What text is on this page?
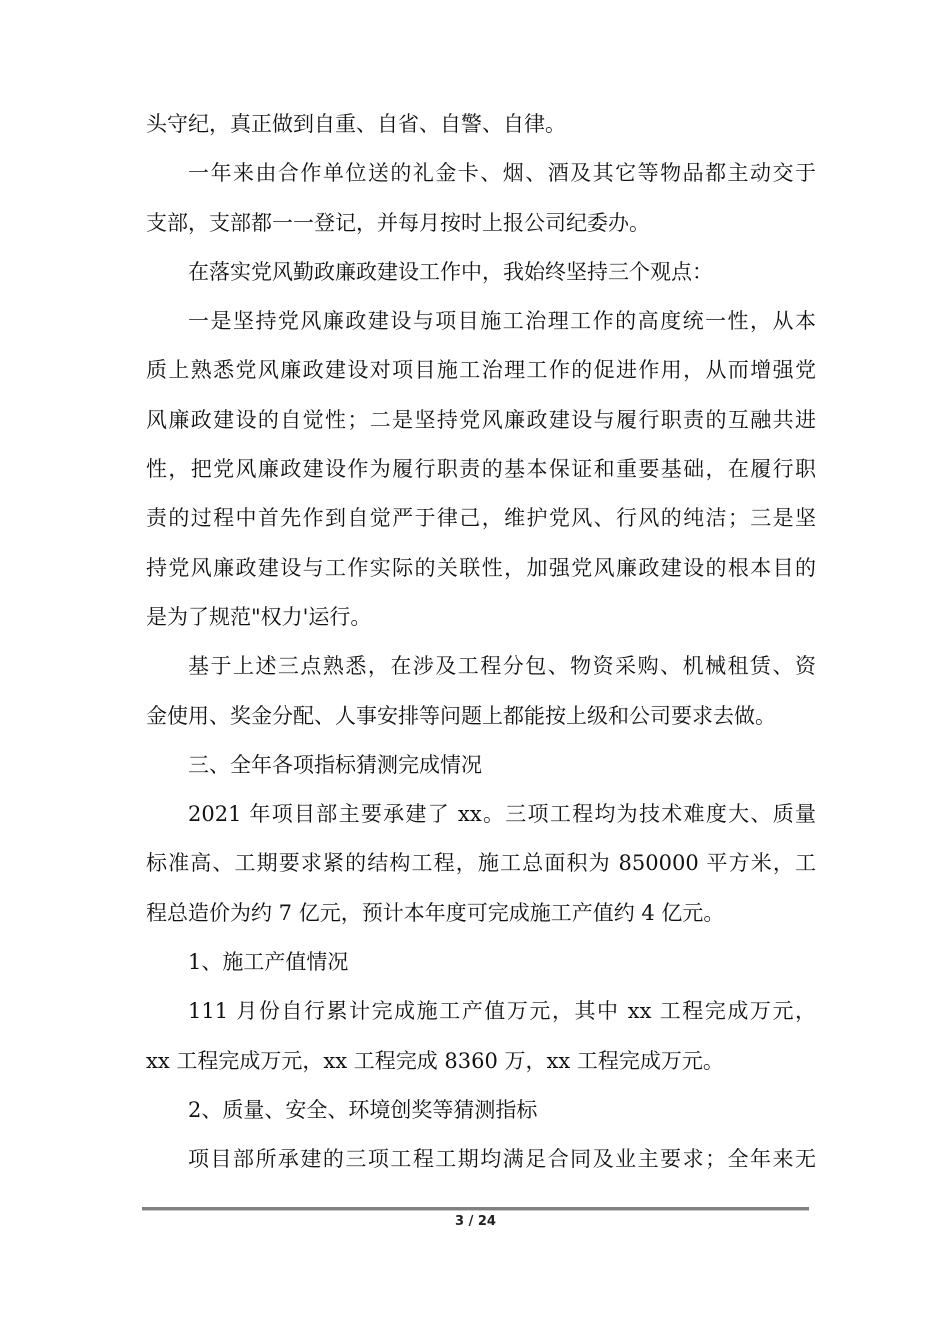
头守纪，真正做到自重、自省、自警、自律。
一年来由合作单位送的礼金卡、烟、酒及其它等物品都主动交于
支部，支部都一一登记，并每月按时上报公司纪委办。
在落实党风勤政廉政建设工作中，我始终坚持三个观点：
一是坚持党风廉政建设与项目施工治理工作的高度统一性，从本
质上熟悉党风廉政建设对项目施工治理工作的促进作用，从而增强党
风廉政建设的自觉性；二是坚持党风廉政建设与履行职责的互融共进
性，把党风廉政建设作为履行职责的基本保证和重要基础，在履行职
责的过程中首先作到自觉严于律己，维护党风、行风的纯洁；三是坚
持党风廉政建设与工作实际的关联性，加强党风廉政建设的根本目的
是为了规范"权力'运行。
基于上述三点熟悉，在涉及工程分包、物资采购、机械租赁、资
金使用、奖金分配、人事安排等问题上都能按上级和公司要求去做。
三、全年各项指标猜测完成情况
2021 年项目部主要承建了 xx。三项工程均为技术难度大、质量
标准高、工期要求紧的结构工程，施工总面积为 850000 平方米，工
程总造价为约 7 亿元，预计本年度可完成施工产值约 4 亿元。
1、施工产值情况
111 月份自行累计完成施工产值万元，其中 xx 工程完成万元，
xx 工程完成万元，xx 工程完成 8360 万，xx 工程完成万元。
2、质量、安全、环境创奖等猜测指标
项目部所承建的三项工程工期均满足合同及业主要求；全年来无
3 / 24
